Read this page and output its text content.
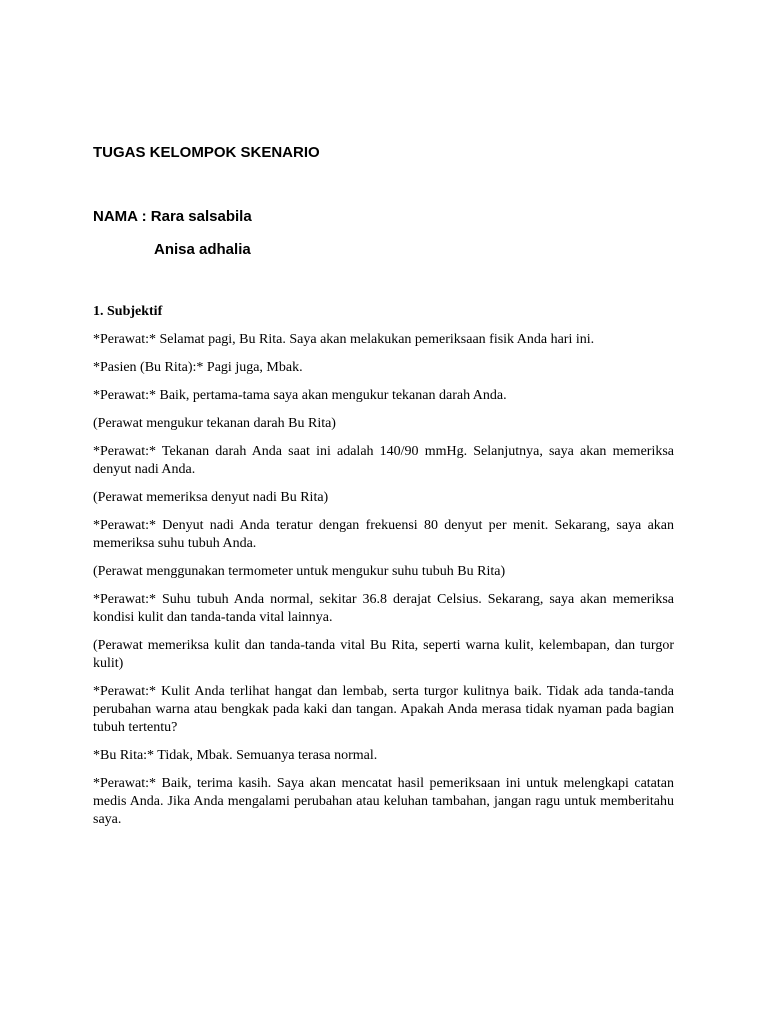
TUGAS KELOMPOK SKENARIO
NAMA : Rara salsabila
Anisa adhalia
1. Subjektif

*Perawat:* Selamat pagi, Bu Rita. Saya akan melakukan pemeriksaan fisik Anda hari ini.

*Pasien (Bu Rita):* Pagi juga, Mbak.

*Perawat:* Baik, pertama-tama saya akan mengukur tekanan darah Anda.

(Perawat mengukur tekanan darah Bu Rita)

*Perawat:* Tekanan darah Anda saat ini adalah 140/90 mmHg. Selanjutnya, saya akan memeriksa denyut nadi Anda.

(Perawat memeriksa denyut nadi Bu Rita)

*Perawat:* Denyut nadi Anda teratur dengan frekuensi 80 denyut per menit. Sekarang, saya akan memeriksa suhu tubuh Anda.

(Perawat menggunakan termometer untuk mengukur suhu tubuh Bu Rita)

*Perawat:* Suhu tubuh Anda normal, sekitar 36.8 derajat Celsius. Sekarang, saya akan memeriksa kondisi kulit dan tanda-tanda vital lainnya.

(Perawat memeriksa kulit dan tanda-tanda vital Bu Rita, seperti warna kulit, kelembapan, dan turgor kulit)

*Perawat:* Kulit Anda terlihat hangat dan lembab, serta turgor kulitnya baik. Tidak ada tanda-tanda perubahan warna atau bengkak pada kaki dan tangan. Apakah Anda merasa tidak nyaman pada bagian tubuh tertentu?

*Bu Rita:* Tidak, Mbak. Semuanya terasa normal.

*Perawat:* Baik, terima kasih. Saya akan mencatat hasil pemeriksaan ini untuk melengkapi catatan medis Anda. Jika Anda mengalami perubahan atau keluhan tambahan, jangan ragu untuk memberitahu saya.
